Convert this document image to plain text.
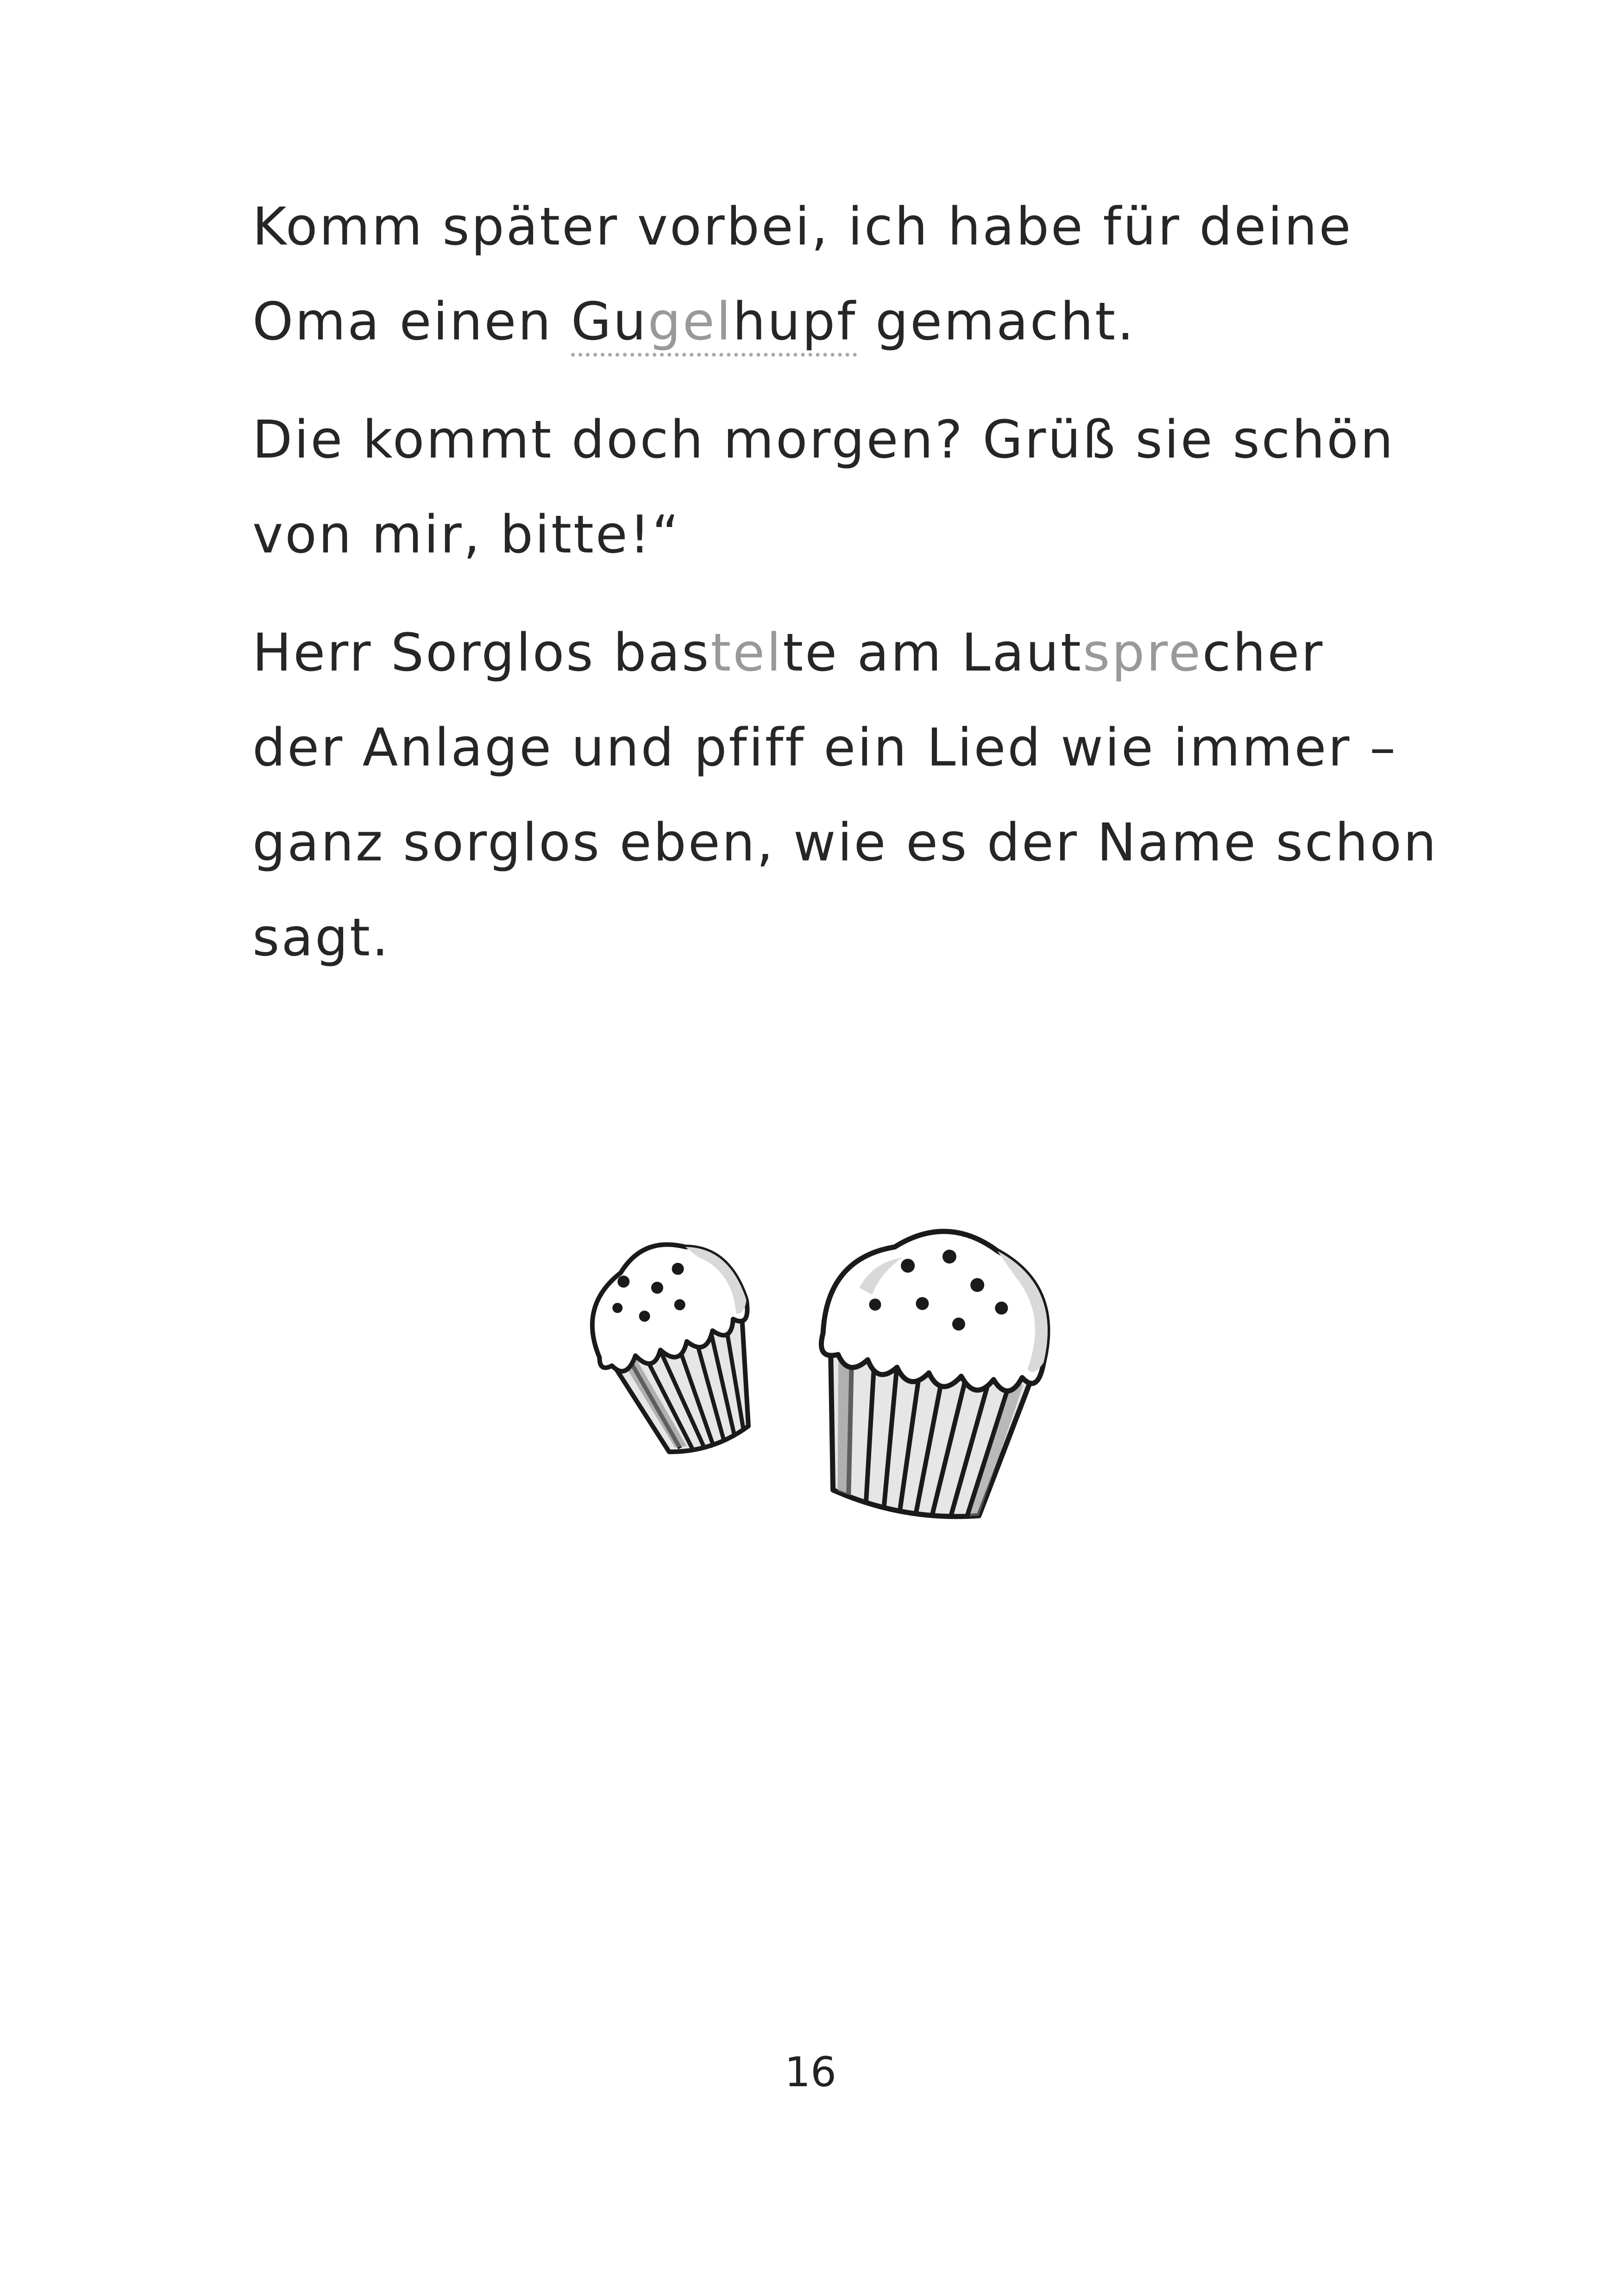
Komm später vorbei, ich habe für deine
Oma einen Gugelhupf gemacht.
Die kommt doch morgen? Grüß sie schön
von mir, bitte!“
Herr Sorglos bastelte am Lautsprecher
der Anlage und pfiff ein Lied wie immer –
ganz sorglos eben, wie es der Name schon
sagt.
16
